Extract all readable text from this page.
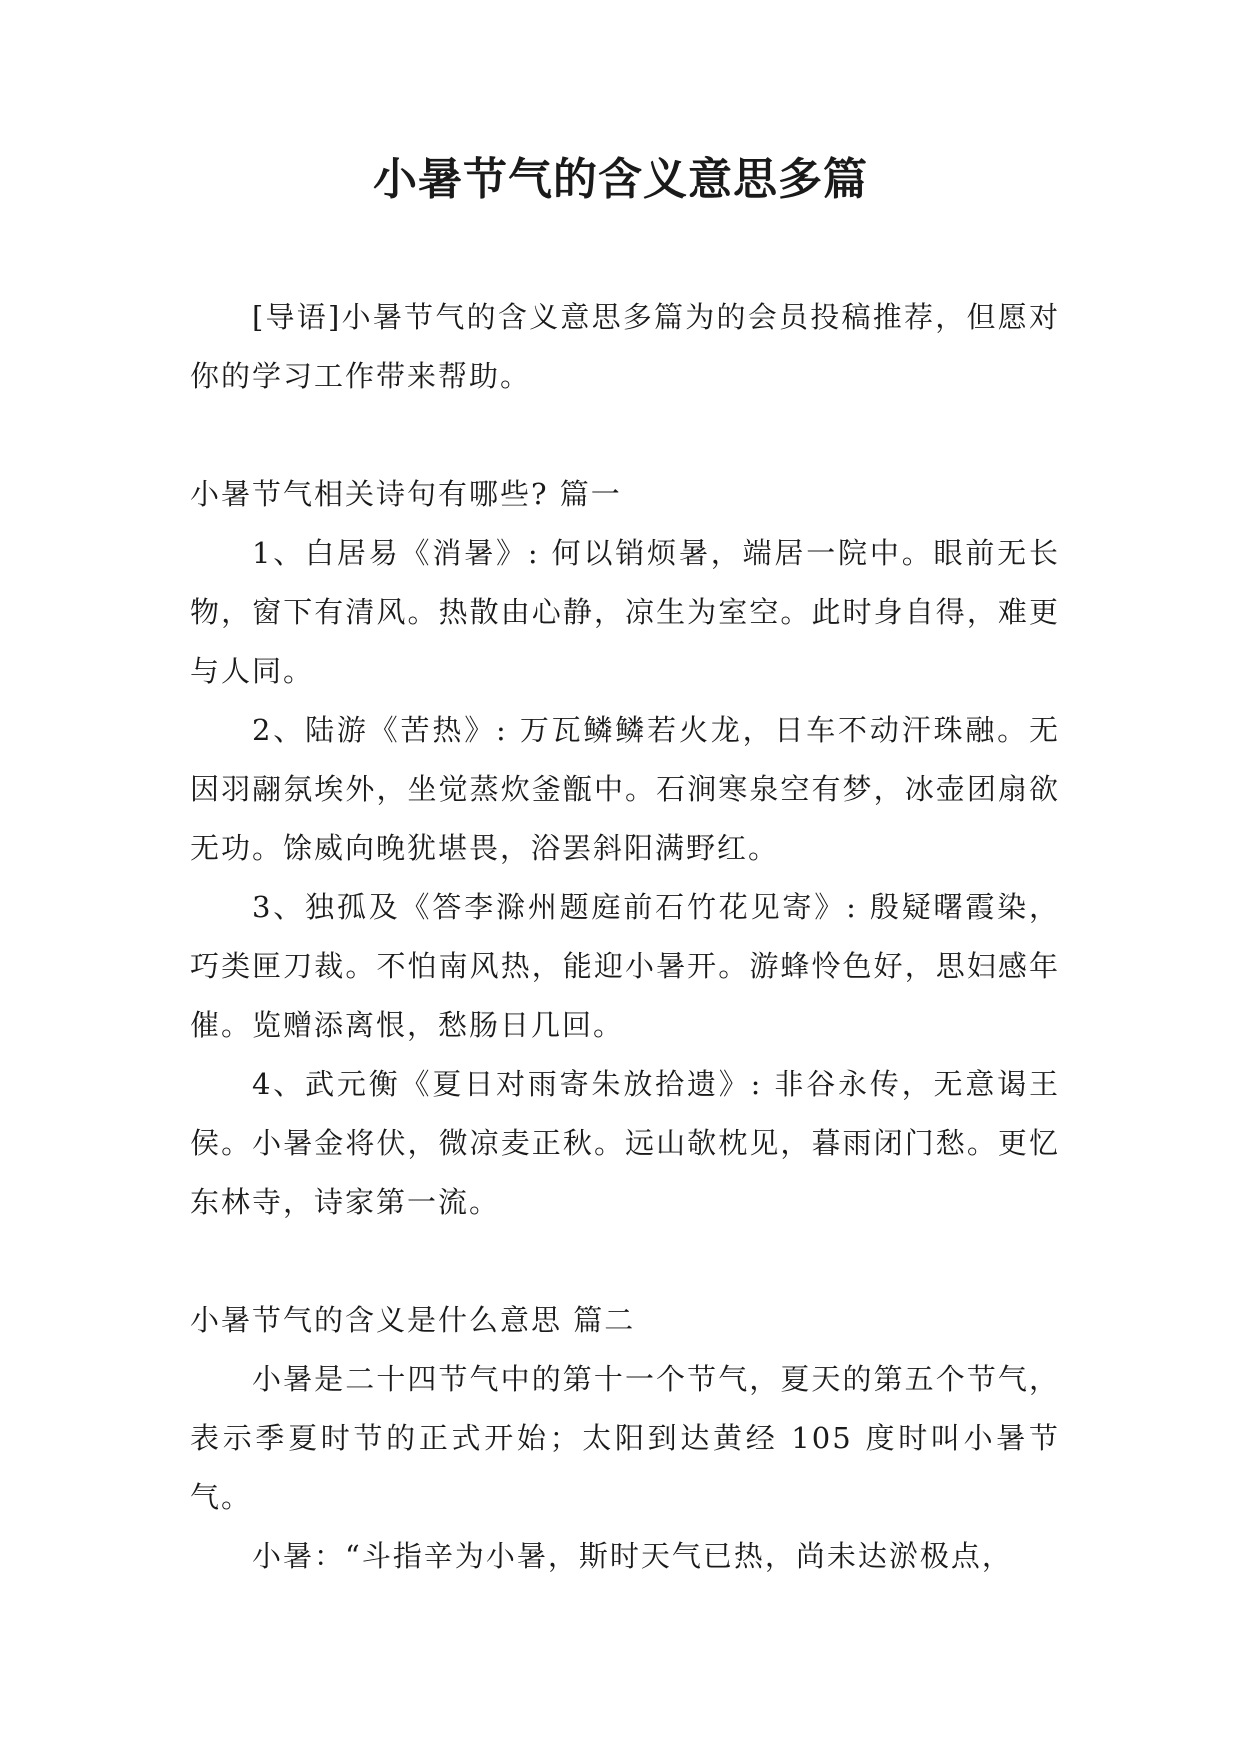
小暑节气的含义意思多篇

[导语]小暑节气的含义意思多篇为的会员投稿推荐，但愿对你的学习工作带来帮助。

小暑节气相关诗句有哪些? 篇一

1、白居易《消暑》: 何以销烦暑，端居一院中。眼前无长物，窗下有清风。热散由心静，凉生为室空。此时身自得，难更与人同。

2、陆游《苦热》: 万瓦鳞鳞若火龙，日车不动汗珠融。无因羽翮氛埃外，坐觉蒸炊釜甑中。石涧寒泉空有梦，冰壶团扇欲无功。馀威向晚犹堪畏，浴罢斜阳满野红。

3、独孤及《答李滁州题庭前石竹花见寄》: 殷疑曙霞染，巧类匣刀裁。不怕南风热，能迎小暑开。游蜂怜色好，思妇感年催。览赠添离恨，愁肠日几回。

4、武元衡《夏日对雨寄朱放拾遗》: 非谷永传，无意谒王侯。小暑金将伏，微凉麦正秋。远山欹枕见，暮雨闭门愁。更忆东林寺，诗家第一流。

小暑节气的含义是什么意思 篇二

小暑是二十四节气中的第十一个节气，夏天的第五个节气，表示季夏时节的正式开始；太阳到达黄经 105 度时叫小暑节气。

小暑：“斗指辛为小暑，斯时天气已热，尚未达淤极点，
